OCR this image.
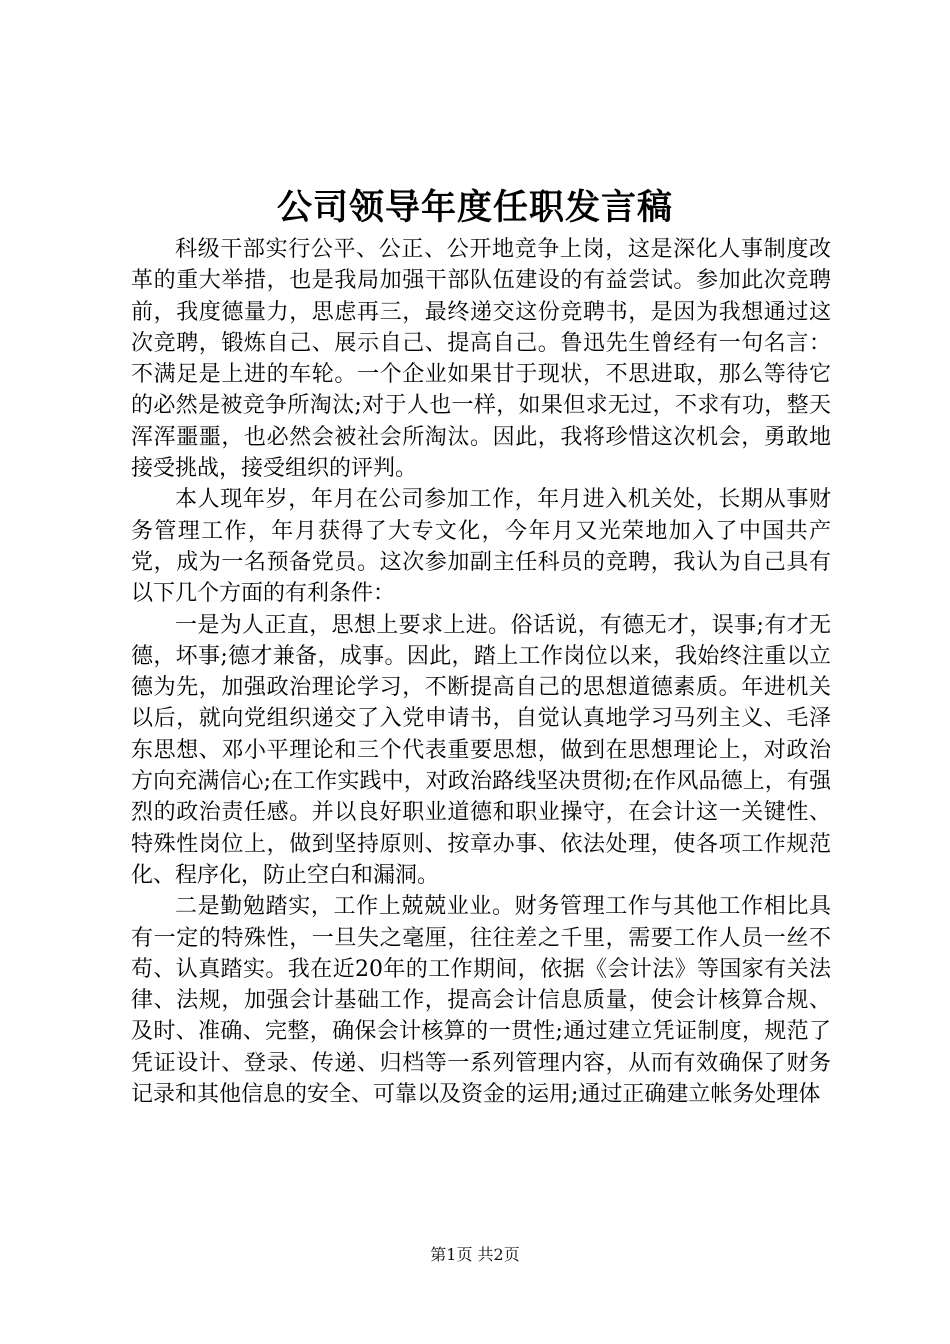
公司领导年度任职发言稿

科级干部实行公平、公正、公开地竞争上岗，这是深化人事制度改革的重大举措，也是我局加强干部队伍建设的有益尝试。参加此次竞聘前，我度德量力，思虑再三，最终递交这份竞聘书，是因为我想通过这次竞聘，锻炼自己、展示自己、提高自己。鲁迅先生曾经有一句名言：不满足是上进的车轮。一个企业如果甘于现状，不思进取，那么等待它的必然是被竞争所淘汰;对于人也一样，如果但求无过，不求有功，整天浑浑噩噩，也必然会被社会所淘汰。因此，我将珍惜这次机会，勇敢地接受挑战，接受组织的评判。

本人现年岁，年月在公司参加工作，年月进入机关处，长期从事财务管理工作，年月获得了大专文化，今年月又光荣地加入了中国共产党，成为一名预备党员。这次参加副主任科员的竞聘，我认为自己具有以下几个方面的有利条件：

一是为人正直，思想上要求上进。俗话说，有德无才，误事;有才无德，坏事;德才兼备，成事。因此，踏上工作岗位以来，我始终注重以立德为先，加强政治理论学习，不断提高自己的思想道德素质。年进机关以后，就向党组织递交了入党申请书，自觉认真地学习马列主义、毛泽东思想、邓小平理论和三个代表重要思想，做到在思想理论上，对政治方向充满信心;在工作实践中，对政治路线坚决贯彻;在作风品德上，有强烈的政治责任感。并以良好职业道德和职业操守，在会计这一关键性、特殊性岗位上，做到坚持原则、按章办事、依法处理，使各项工作规范化、程序化，防止空白和漏洞。

二是勤勉踏实，工作上兢兢业业。财务管理工作与其他工作相比具有一定的特殊性，一旦失之毫厘，往往差之千里，需要工作人员一丝不苟、认真踏实。我在近20年的工作期间，依据《会计法》等国家有关法律、法规，加强会计基础工作，提高会计信息质量，使会计核算合规、及时、准确、完整，确保会计核算的一贯性;通过建立凭证制度，规范了凭证设计、登录、传递、归档等一系列管理内容，从而有效确保了财务记录和其他信息的安全、可靠以及资金的运用;通过正确建立帐务处理体

第1页 共2页
